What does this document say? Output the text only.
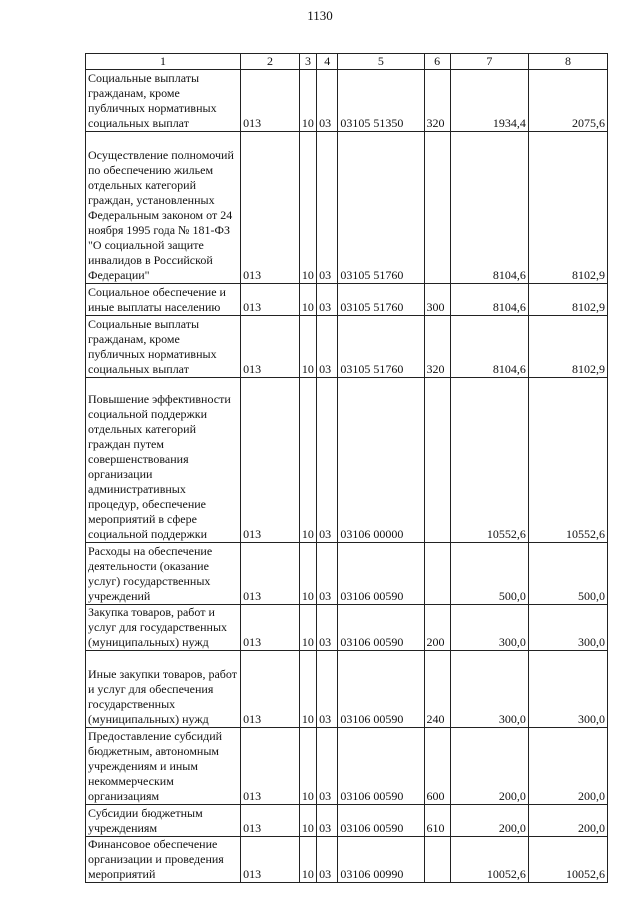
1130
1	2	3	4	5	6	7	8
Социальные выплаты гражданам, кроме публичных нормативных социальных выплат	013	10	03	03105 51350	320	1934,4	2075,6
Осуществление полномочий по обеспечению жильем отдельных категорий граждан, установленных Федеральным законом от 24 ноября 1995 года № 181-ФЗ "О социальной защите инвалидов в Российской Федерации"	013	10	03	03105 51760		8104,6	8102,9
Социальное обеспечение и иные выплаты населению	013	10	03	03105 51760	300	8104,6	8102,9
Социальные выплаты гражданам, кроме публичных нормативных социальных выплат	013	10	03	03105 51760	320	8104,6	8102,9
Повышение эффективности социальной поддержки отдельных категорий граждан путем совершенствования организации административных процедур, обеспечение мероприятий в сфере социальной поддержки	013	10	03	03106 00000		10552,6	10552,6
Расходы на обеспечение деятельности (оказание услуг) государственных учреждений	013	10	03	03106 00590		500,0	500,0
Закупка товаров, работ и услуг для государственных (муниципальных) нужд	013	10	03	03106 00590	200	300,0	300,0
Иные закупки товаров, работ и услуг для обеспечения государственных (муниципальных) нужд	013	10	03	03106 00590	240	300,0	300,0
Предоставление субсидий бюджетным, автономным учреждениям и иным некоммерческим организациям	013	10	03	03106 00590	600	200,0	200,0
Субсидии бюджетным учреждениям	013	10	03	03106 00590	610	200,0	200,0
Финансовое обеспечение организации и проведения мероприятий	013	10	03	03106 00990		10052,6	10052,6
